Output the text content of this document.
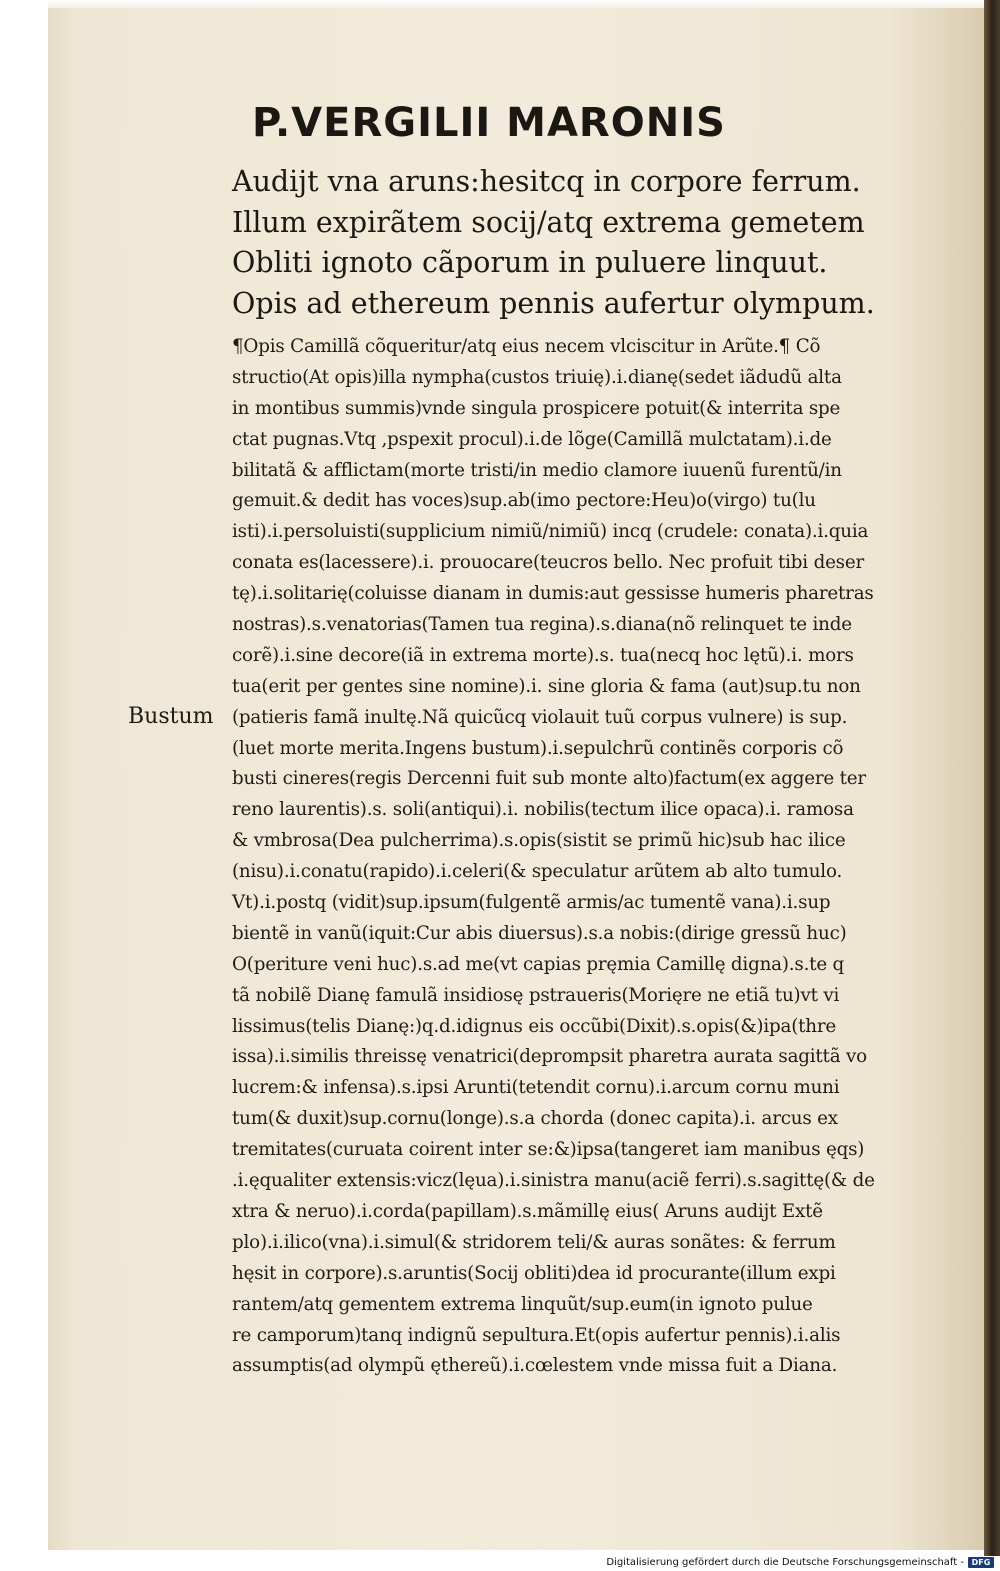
P.VERGILII MARONIS
Audijt vna aruns:hesitcq in corpore ferrum.
Illum expirãtem socij/atq extrema gemetem
Obliti ignoto cãporum in puluere linquut.
Opis ad ethereum pennis aufertur olympum.
Bustum
¶Opis Camillã cõqueritur/atq eius necem vlciscitur in Arũte.¶ Cõ
structio(At opis)illa nympha(custos triuię).i.dianę(sedet iãdudũ alta
in montibus summis)vnde singula prospicere potuit(& interrita spe
ctat pugnas.Vtq ,pspexit procul).i.de lõge(Camillã mulctatam).i.de
bilitatã & afflictam(morte tristi/in medio clamore iuuenũ furentũ/in
gemuit.& dedit has voces)sup.ab(imo pectore:Heu)o(virgo) tu(lu
isti).i.persoluisti(supplicium nimiũ/nimiũ) incq (crudele: conata).i.quia
conata es(lacessere).i. prouocare(teucros bello. Nec profuit tibi deser
tę).i.solitarię(coluisse dianam in dumis:aut gessisse humeris pharetras
nostras).s.venatorias(Tamen tua regina).s.diana(nõ relinquet te inde
corẽ).i.sine decore(iã in extrema morte).s. tua(necq hoc lętũ).i. mors
tua(erit per gentes sine nomine).i. sine gloria & fama (aut)sup.tu non
(patieris famã inultę.Nã quicũcq violauit tuũ corpus vulnere) is sup.
(luet morte merita.Ingens bustum).i.sepulchrũ continẽs corporis cõ
busti cineres(regis Dercenni fuit sub monte alto)factum(ex aggere ter
reno laurentis).s. soli(antiqui).i. nobilis(tectum ilice opaca).i. ramosa
& vmbrosa(Dea pulcherrima).s.opis(sistit se primũ hic)sub hac ilice
(nisu).i.conatu(rapido).i.celeri(& speculatur arũtem ab alto tumulo.
Vt).i.postq (vidit)sup.ipsum(fulgentẽ armis/ac tumentẽ vana).i.sup
bientẽ in vanũ(iquit:Cur abis diuersus).s.a nobis:(dirige gressũ huc)
O(periture veni huc).s.ad me(vt capias pręmia Camillę digna).s.te q
tã nobilẽ Dianę famulã insidiosę pstraueris(Morięre ne etiã tu)vt vi
lissimus(telis Dianę:)q.d.idignus eis occũbi(Dixit).s.opis(&)ipa(thre
issa).i.similis threissę venatrici(deprompsit pharetra aurata sagittã vo
lucrem:& infensa).s.ipsi Arunti(tetendit cornu).i.arcum cornu muni
tum(& duxit)sup.cornu(longe).s.a chorda (donec capita).i. arcus ex
tremitates(curuata coirent inter se:&)ipsa(tangeret iam manibus ęqs)
.i.ęqualiter extensis:vicz(lęua).i.sinistra manu(aciẽ ferri).s.sagittę(& de
xtra & neruo).i.corda(papillam).s.mãmillę eius( Aruns audijt Extẽ
plo).i.ilico(vna).i.simul(& stridorem teli/& auras sonãtes: & ferrum
hęsit in corpore).s.aruntis(Socij obliti)dea id procurante(illum expi
rantem/atq gementem extrema linquũt/sup.eum(in ignoto pulue
re camporum)tanq indignũ sepultura.Et(opis aufertur pennis).i.alis
assumptis(ad olympũ ęthereũ).i.cœlestem vnde missa fuit a Diana.
Digitalisierung gefördert durch die Deutsche Forschungsgemeinschaft - DFG
